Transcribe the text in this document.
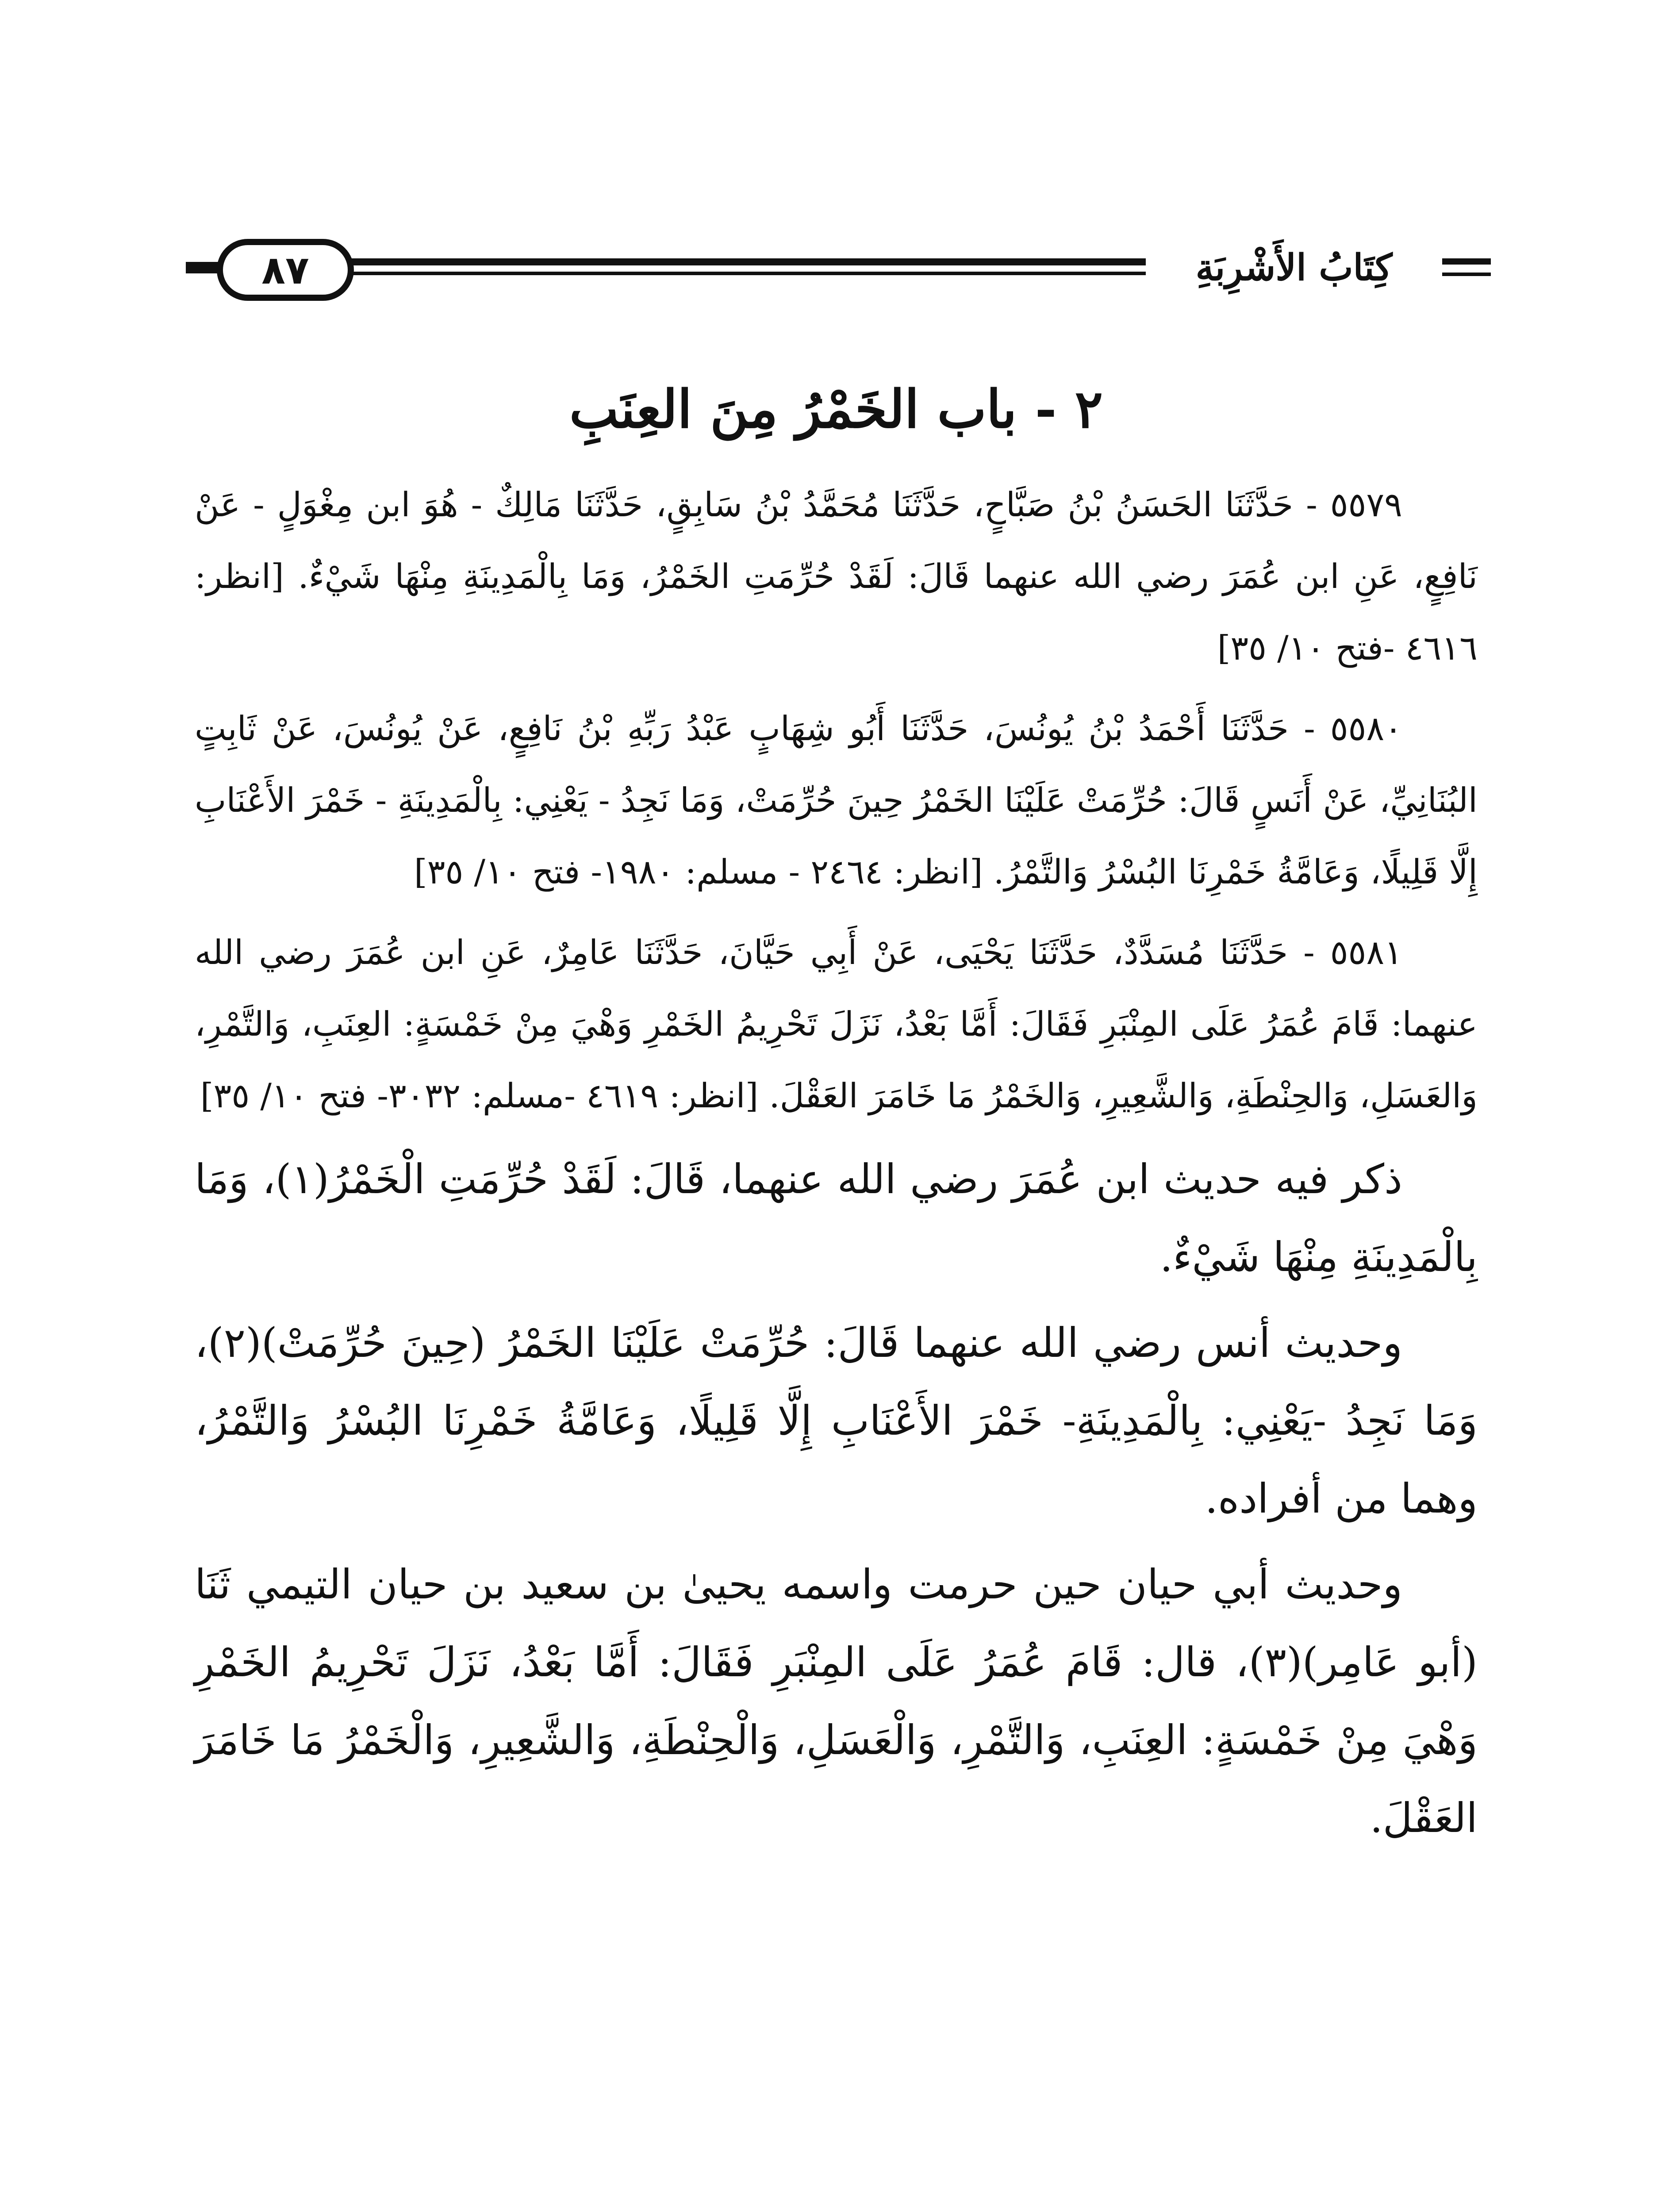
٨٧	كِتَابُ الأَشْرِبَةِ
٢ - باب الخَمْرُ مِنَ العِنَبِ

٥٥٧٩ - حَدَّثَنَا الحَسَنُ بْنُ صَبَّاحٍ، حَدَّثَنَا مُحَمَّدُ بْنُ سَابِقٍ، حَدَّثَنَا مَالِكٌ - هُوَ ابن مِغْوَلٍ - عَنْ نَافِعٍ، عَنِ ابن عُمَرَ رضي الله عنهما قَالَ: لَقَدْ حُرِّمَتِ الخَمْرُ، وَمَا بِالْمَدِينَةِ مِنْهَا شَيْءٌ. [انظر: ٤٦١٦ -فتح ١٠/ ٣٥]

٥٥٨٠ - حَدَّثَنَا أَحْمَدُ بْنُ يُونُسَ، حَدَّثَنَا أَبُو شِهَابٍ عَبْدُ رَبِّهِ بْنُ نَافِعٍ، عَنْ يُونُسَ، عَنْ ثَابِتٍ البُنَانِيِّ، عَنْ أَنَسٍ قَالَ: حُرِّمَتْ عَلَيْنَا الخَمْرُ حِينَ حُرِّمَتْ، وَمَا نَجِدُ - يَعْنِي: بِالْمَدِينَةِ - خَمْرَ الأَعْنَابِ إِلَّا قَلِيلًا، وَعَامَّةُ خَمْرِنَا البُسْرُ وَالتَّمْرُ. [انظر: ٢٤٦٤ - مسلم: ١٩٨٠- فتح ١٠/ ٣٥]

٥٥٨١ - حَدَّثَنَا مُسَدَّدٌ، حَدَّثَنَا يَحْيَى، عَنْ أَبِي حَيَّانَ، حَدَّثَنَا عَامِرٌ، عَنِ ابن عُمَرَ رضي الله عنهما: قَامَ عُمَرُ عَلَى المِنْبَرِ فَقَالَ: أَمَّا بَعْدُ، نَزَلَ تَحْرِيمُ الخَمْرِ وَهْيَ مِنْ خَمْسَةٍ: العِنَبِ، وَالتَّمْرِ، وَالعَسَلِ، وَالحِنْطَةِ، وَالشَّعِيرِ، وَالخَمْرُ مَا خَامَرَ العَقْلَ. [انظر: ٤٦١٩ -مسلم: ٣٠٣٢- فتح ١٠/ ٣٥]

ذكر فيه حديث ابن عُمَرَ رضي الله عنهما، قَالَ: لَقَدْ حُرِّمَتِ الْخَمْرُ(١)، وَمَا بِالْمَدِينَةِ مِنْهَا شَيْءٌ.

وحديث أنس رضي الله عنهما قَالَ: حُرِّمَتْ عَلَيْنَا الخَمْرُ (حِينَ حُرِّمَتْ)(٢)، وَمَا نَجِدُ -يَعْنِي: بِالْمَدِينَةِ- خَمْرَ الأَعْنَابِ إِلَّا قَلِيلًا، وَعَامَّةُ خَمْرِنَا البُسْرُ وَالتَّمْرُ، وهما من أفراده.

وحديث أبي حيان حين حرمت واسمه يحيىٰ بن سعيد بن حيان التيمي ثَنَا (أبو عَامِر)(٣)، قال: قَامَ عُمَرُ عَلَى المِنْبَرِ فَقَالَ: أَمَّا بَعْدُ، نَزَلَ تَحْرِيمُ الخَمْرِ وَهْيَ مِنْ خَمْسَةٍ: العِنَبِ، وَالتَّمْرِ، وَالْعَسَلِ، وَالْحِنْطَةِ، وَالشَّعِيرِ، وَالْخَمْرُ مَا خَامَرَ العَقْلَ.
